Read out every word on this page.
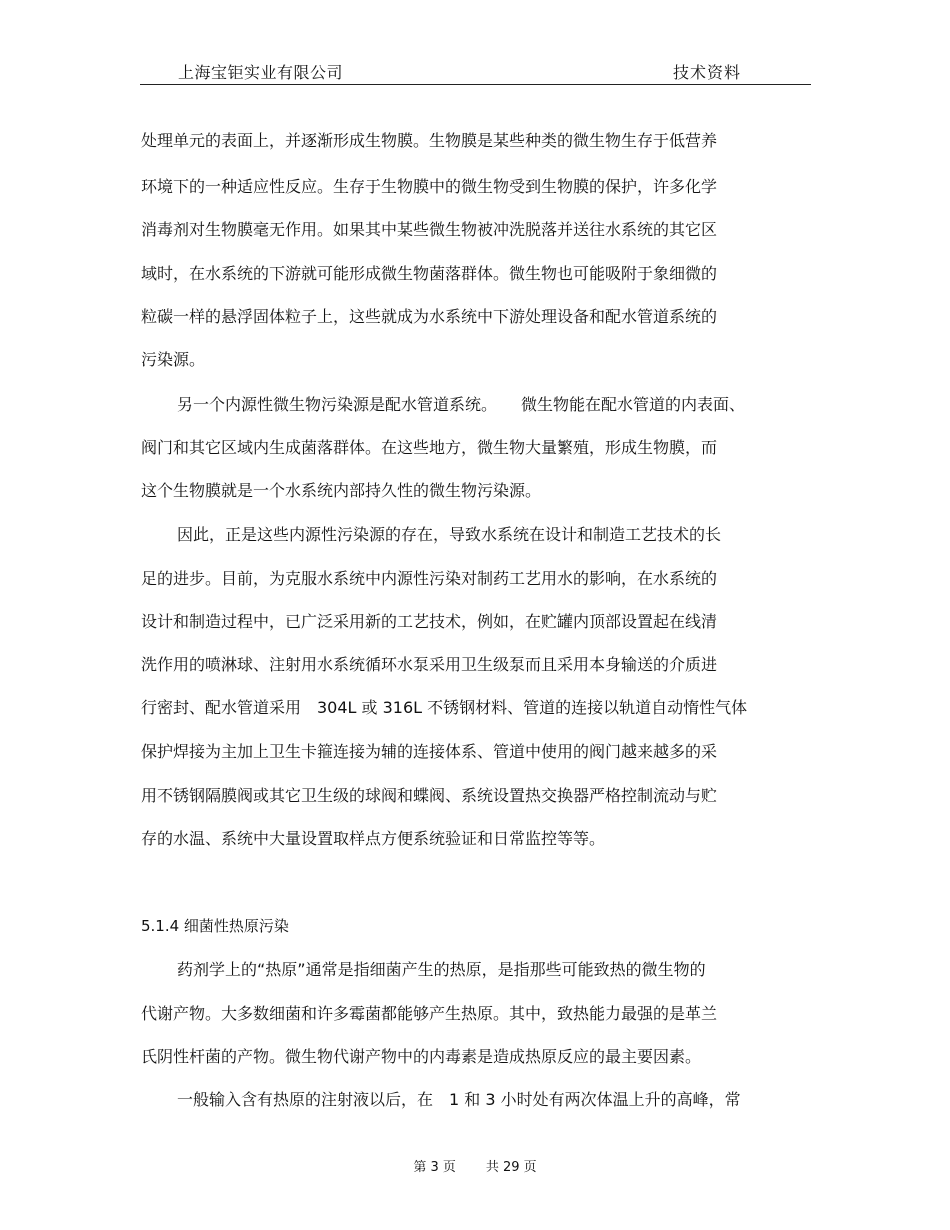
上海宝钜实业有限公司	技术资料
处理单元的表面上，并逐渐形成生物膜。生物膜是某些种类的微生物生存于低营养
环境下的一种适应性反应。生存于生物膜中的微生物受到生物膜的保护，许多化学
消毒剂对生物膜毫无作用。如果其中某些微生物被冲洗脱落并送往水系统的其它区
域时，在水系统的下游就可能形成微生物菌落群体。微生物也可能吸附于象细微的
粒碳一样的悬浮固体粒子上，这些就成为水系统中下游处理设备和配水管道系统的
污染源。
另一个内源性微生物污染源是配水管道系统。　　微生物能在配水管道的内表面、
阀门和其它区域内生成菌落群体。在这些地方，微生物大量繁殖，形成生物膜，而
这个生物膜就是一个水系统内部持久性的微生物污染源。
因此，正是这些内源性污染源的存在，导致水系统在设计和制造工艺技术的长
足的进步。目前，为克服水系统中内源性污染对制药工艺用水的影响，在水系统的
设计和制造过程中，已广泛采用新的工艺技术，例如，在贮罐内顶部设置起在线清
洗作用的喷淋球、注射用水系统循环水泵采用卫生级泵而且采用本身输送的介质进
行密封、配水管道采用　304L 或 316L 不锈钢材料、管道的连接以轨道自动惰性气体
保护焊接为主加上卫生卡箍连接为辅的连接体系、管道中使用的阀门越来越多的采
用不锈钢隔膜阀或其它卫生级的球阀和蝶阀、系统设置热交换器严格控制流动与贮
存的水温、系统中大量设置取样点方便系统验证和日常监控等等。
5.1.4 细菌性热原污染
药剂学上的“热原”通常是指细菌产生的热原，是指那些可能致热的微生物的
代谢产物。大多数细菌和许多霉菌都能够产生热原。其中，致热能力最强的是革兰
氏阴性杆菌的产物。微生物代谢产物中的内毒素是造成热原反应的最主要因素。
一般输入含有热原的注射液以后，在　1 和 3 小时处有两次体温上升的高峰，常
第 3 页 共 29 页
